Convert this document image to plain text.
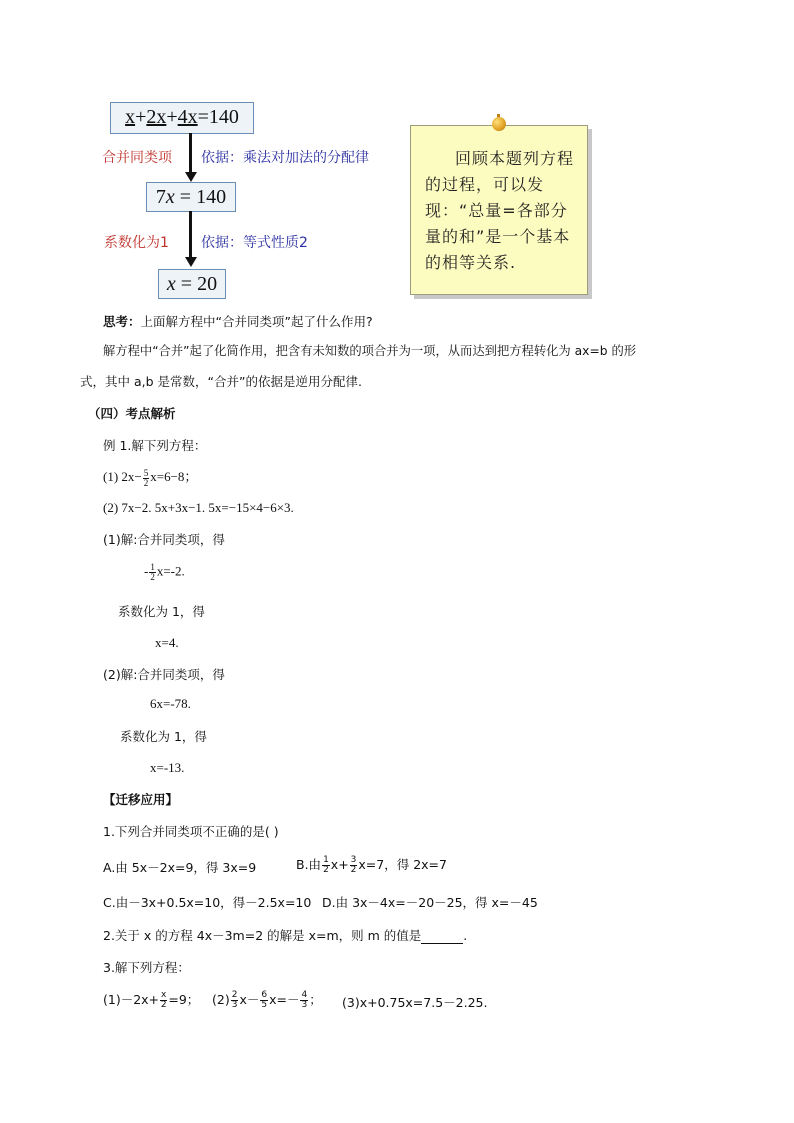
x+2x+4x=140
合并同类项 依据：乘法对加法的分配律
7x = 140
系数化为1 依据：等式性质2
x = 20
回顾本题列方程的过程，可以发现：“总量=各部分量的和”是一个基本的相等关系.
思考：上面解方程中“合并同类项”起了什么作用?
解方程中“合并”起了化简作用，把含有未知数的项合并为一项，从而达到把方程转化为 ax=b 的形
式，其中 a,b 是常数，“合并”的依据是逆用分配律.
（四）考点解析
例 1.解下列方程：
(1) $2x- \frac{5}{2} x=6-8$；
(2) 7x−2. 5x+3x−1. 5x=−15×4−6×3.
(1)解:合并同类项，得
- $\frac{1}{2} x=-2$.
系数化为 1，得
x=4.
(2)解:合并同类项，得
6x=-78.
系数化为 1，得
x=-13.
【迁移应用】
1.下列合并同类项不正确的是( )
A.由 5x－2x=9，得 3x=9	B.由 $\frac{1}{2} x+ \frac{3}{2} x=7$，得 2x=7
C.由－3x+0.5x=10，得－2.5x=10 D.由 3x－4x=－20－25，得 x=－45
2.关于 x 的方程 4x－3m=2 的解是 x=m，则 m 的值是	.
3.解下列方程：
$(1)-2x+ \frac{x}{2} =9$； $(2) \frac{2}{3} x- \frac{6}{5} x=- \frac{4}{3}$ ； (3)x+0.75x=7.5－2.25.
